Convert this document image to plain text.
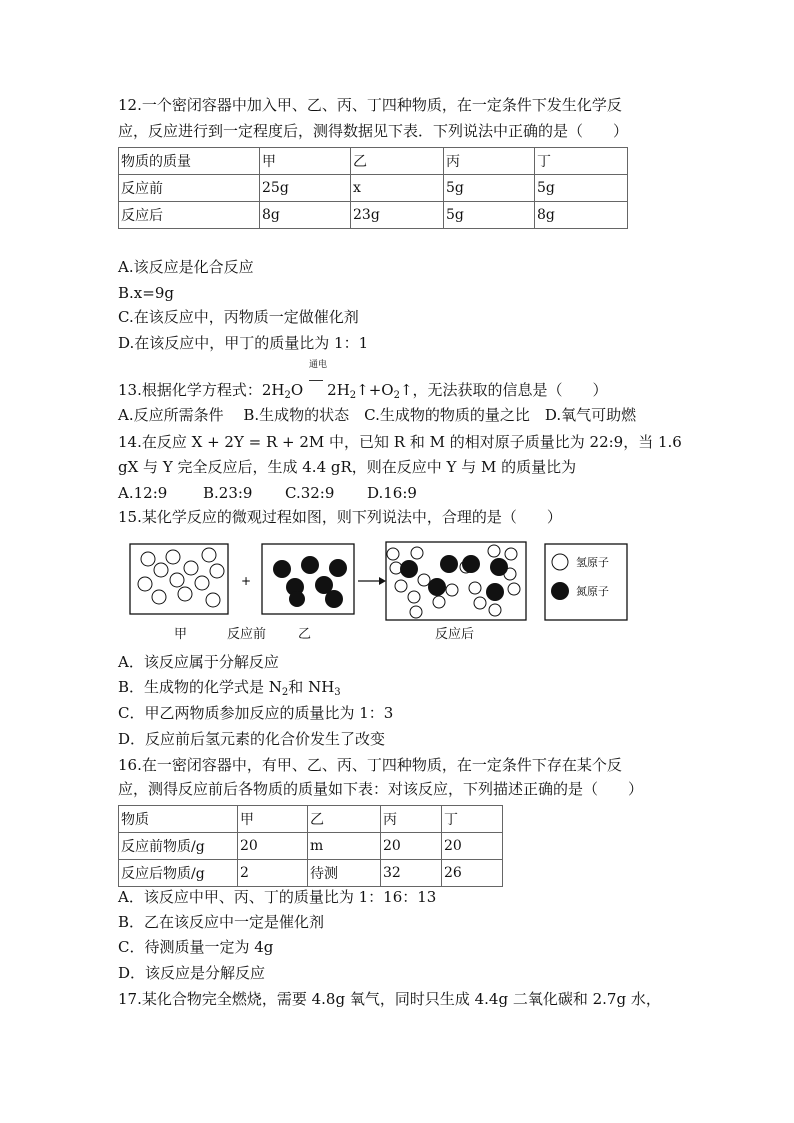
12.一个密闭容器中加入甲、乙、丙、丁四种物质，在一定条件下发生化学反
应，反应进行到一定程度后，测得数据见下表．下列说法中正确的是（　　）
物质的质量	甲	乙	丙	丁
反应前	25g	x	5g	5g
反应后	8g	23g	5g	8g
A.该反应是化合反应
B.x=9g
C.在该反应中，丙物质一定做催化剂
D.在该反应中，甲丁的质量比为 1：1
通电
13.根据化学方程式：$2H_2O$ $2H_2↑+O_2↑$，无法获取的信息是（　　）
A.反应所需条件　 B.生成物的状态　C.生成物的物质的量之比　D.氧气可助燃
14.在反应 X + 2Y = R + 2M 中，已知 R 和 M 的相对原子质量比为 22:9，当 1.6
gX 与 Y 完全反应后，生成 4.4 gR，则在反应中 Y 与 M 的质量比为
A.12:9 B.23:9 C.32:9 D.16:9
15.某化学反应的微观过程如图，则下列说法中，合理的是（　　）
+
氢原子
氮原子
甲	反应前 乙	反应后
A．该反应属于分解反应
B．生成物的化学式是 $N_2$和 $NH_3$
C．甲乙两物质参加反应的质量比为 1：3
D．反应前后氢元素的化合价发生了改变
16.在一密闭容器中，有甲、乙、丙、丁四种物质，在一定条件下存在某个反
应，测得反应前后各物质的质量如下表：对该反应，下列描述正确的是（　　）
物质	甲	乙	丙	丁
反应前物质/g	20	m	20	20
反应后物质/g	2	待测	32	26
A．该反应中甲、丙、丁的质量比为 1：16：13
B．乙在该反应中一定是催化剂
C．待测质量一定为 4g
D．该反应是分解反应
17.某化合物完全燃烧，需要 4.8g 氧气，同时只生成 4.4g 二氧化碳和 2.7g 水，
